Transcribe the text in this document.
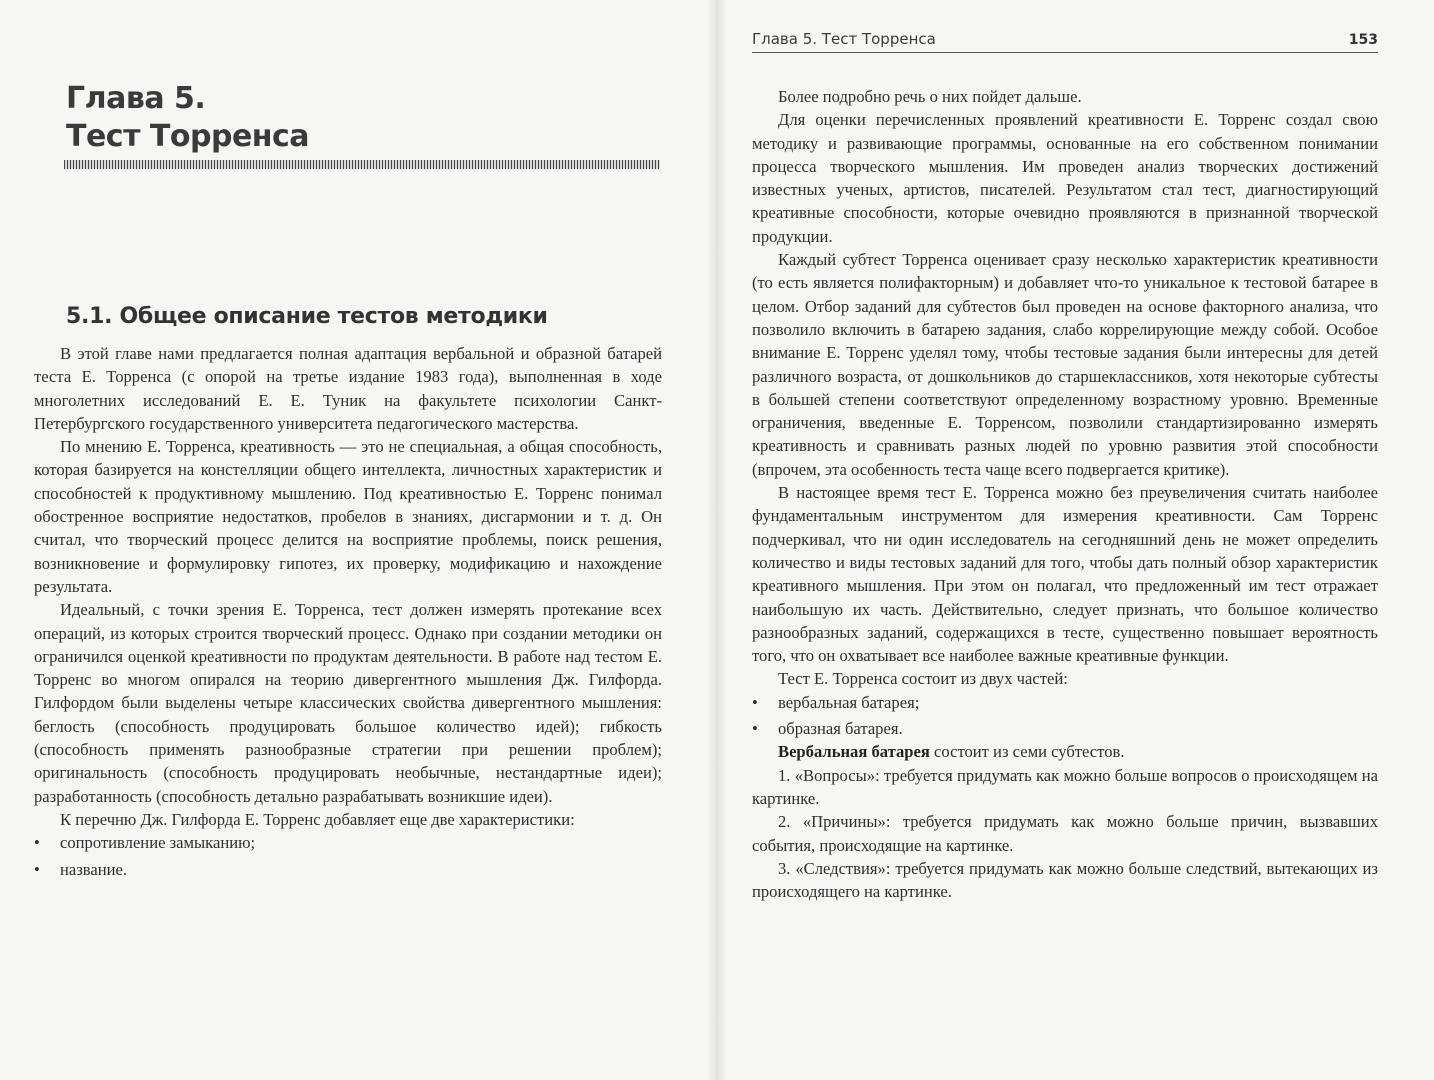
Глава 5.
Тест Торренса
5.1. Общее описание тестов методики

В этой главе нами предлагается полная адаптация вербальной и образной батарей теста Е. Торренса (с опорой на третье издание 1983 года), выполненная в ходе многолетних исследований Е. Е. Туник на факультете психологии Санкт-Петербургского государственного университета педагогического мастерства.

По мнению Е. Торренса, креативность — это не специальная, а общая способность, которая базируется на констелляции общего интеллекта, личностных характеристик и способностей к продуктивному мышлению. Под креативностью Е. Торренс понимал обостренное восприятие недостатков, пробелов в знаниях, дисгармонии и т. д. Он считал, что творческий процесс делится на восприятие проблемы, поиск решения, возникновение и формулировку гипотез, их проверку, модификацию и нахождение результата.

Идеальный, с точки зрения Е. Торренса, тест должен измерять протекание всех операций, из которых строится творческий процесс. Однако при создании методики он ограничился оценкой креативности по продуктам деятельности. В работе над тестом Е. Торренс во многом опирался на теорию дивергентного мышления Дж. Гилфорда. Гилфордом были выделены четыре классических свойства дивергентного мышления: беглость (способность продуцировать большое количество идей); гибкость (способность применять разнообразные стратегии при решении проблем); оригинальность (способность продуцировать необычные, нестандартные идеи); разработанность (способность детально разрабатывать возникшие идеи).

К перечню Дж. Гилфорда Е. Торренс добавляет еще две характеристики:

• сопротивление замыканию;
• название.
Глава 5. Тест Торренса	153

Более подробно речь о них пойдет дальше.

Для оценки перечисленных проявлений креативности Е. Торренс создал свою методику и развивающие программы, основанные на его собственном понимании процесса творческого мышления. Им проведен анализ творческих достижений известных ученых, артистов, писателей. Результатом стал тест, диагностирующий креативные способности, которые очевидно проявляются в признанной творческой продукции.

Каждый субтест Торренса оценивает сразу несколько характеристик креативности (то есть является полифакторным) и добавляет что-то уникальное к тестовой батарее в целом. Отбор заданий для субтестов был проведен на основе факторного анализа, что позволило включить в батарею задания, слабо коррелирующие между собой. Особое внимание Е. Торренс уделял тому, чтобы тестовые задания были интересны для детей различного возраста, от дошкольников до старшеклассников, хотя некоторые субтесты в большей степени соответствуют определенному возрастному уровню. Временные ограничения, введенные Е. Торренсом, позволили стандартизированно измерять креативность и сравнивать разных людей по уровню развития этой способности (впрочем, эта особенность теста чаще всего подвергается критике).

В настоящее время тест Е. Торренса можно без преувеличения считать наиболее фундаментальным инструментом для измерения креативности. Сам Торренс подчеркивал, что ни один исследователь на сегодняшний день не может определить количество и виды тестовых заданий для того, чтобы дать полный обзор характеристик креативного мышления. При этом он полагал, что предложенный им тест отражает наибольшую их часть. Действительно, следует признать, что большое количество разнообразных заданий, содержащихся в тесте, существенно повышает вероятность того, что он охватывает все наиболее важные креативные функции.

Тест Е. Торренса состоит из двух частей:

• вербальная батарея;
• образная батарея.

Вербальная батарея состоит из семи субтестов.

1. «Вопросы»: требуется придумать как можно больше вопросов о происходящем на картинке.

2. «Причины»: требуется придумать как можно больше причин, вызвавших события, происходящие на картинке.

3. «Следствия»: требуется придумать как можно больше следствий, вытекающих из происходящего на картинке.
